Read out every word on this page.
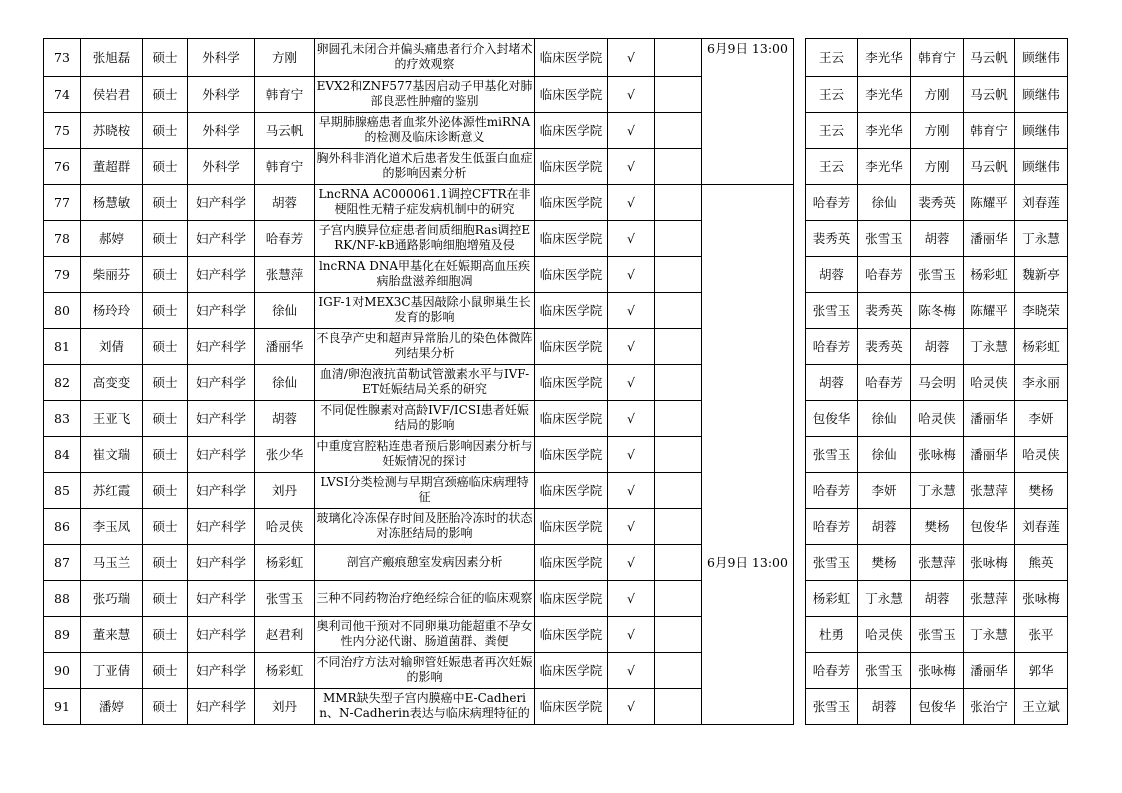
73	张旭磊	硕士	外科学	方刚	卵圆孔未闭合并偏头痛患者行介入封堵术的疗效观察	临床医学院	√		6月9日 13:00		王云	李光华	韩育宁	马云帆	顾继伟
74	侯岩君	硕士	外科学	韩育宁	EVX2和ZNF577基因启动子甲基化对肺部良恶性肿瘤的鉴别	临床医学院	√				王云	李光华	方刚	马云帆	顾继伟
75	苏晓桉	硕士	外科学	马云帆	早期肺腺癌患者血浆外泌体源性miRNA的检测及临床诊断意义	临床医学院	√				王云	李光华	方刚	韩育宁	顾继伟
76	董超群	硕士	外科学	韩育宁	胸外科非消化道术后患者发生低蛋白血症的影响因素分析	临床医学院	√				王云	李光华	方刚	马云帆	顾继伟
77	杨慧敏	硕士	妇产科学	胡蓉	LncRNA AC000061.1调控CFTR在非梗阻性无精子症发病机制中的研究	临床医学院	√				哈春芳	徐仙	裴秀英	陈耀平	刘春莲
78	郝婷	硕士	妇产科学	哈春芳	子宫内膜异位症患者间质细胞Ras调控ERK/NF-kB通路影响细胞增殖及侵	临床医学院	√				裴秀英	张雪玉	胡蓉	潘丽华	丁永慧
79	柴丽芬	硕士	妇产科学	张慧萍	lncRNA DNA甲基化在妊娠期高血压疾病胎盘滋养细胞凋	临床医学院	√				胡蓉	哈春芳	张雪玉	杨彩虹	魏新亭
80	杨玲玲	硕士	妇产科学	徐仙	IGF-1对MEX3C基因敲除小鼠卵巢生长发育的影响	临床医学院	√				张雪玉	裴秀英	陈冬梅	陈耀平	李晓荣
81	刘倩	硕士	妇产科学	潘丽华	不良孕产史和超声异常胎儿的染色体微阵列结果分析	临床医学院	√				哈春芳	裴秀英	胡蓉	丁永慧	杨彩虹
82	高变变	硕士	妇产科学	徐仙	血清/卵泡液抗苗勒试管激素水平与IVF-ET妊娠结局关系的研究	临床医学院	√				胡蓉	哈春芳	马会明	哈灵侠	李永丽
83	王亚飞	硕士	妇产科学	胡蓉	不同促性腺素对高龄IVF/ICSI患者妊娠结局的影响	临床医学院	√				包俊华	徐仙	哈灵侠	潘丽华	李妍
84	崔文瑞	硕士	妇产科学	张少华	中重度宫腔粘连患者预后影响因素分析与妊娠情况的探讨	临床医学院	√				张雪玉	徐仙	张咏梅	潘丽华	哈灵侠
85	苏红霞	硕士	妇产科学	刘丹	LVSI分类检测与早期宫颈癌临床病理特征	临床医学院	√				哈春芳	李妍	丁永慧	张慧萍	樊杨
86	李玉凤	硕士	妇产科学	哈灵侠	玻璃化冷冻保存时间及胚胎冷冻时的状态对冻胚结局的影响	临床医学院	√				哈春芳	胡蓉	樊杨	包俊华	刘春莲
87	马玉兰	硕士	妇产科学	杨彩虹	剖宫产瘢痕憩室发病因素分析	临床医学院	√		6月9日 13:00		张雪玉	樊杨	张慧萍	张咏梅	熊英
88	张巧瑞	硕士	妇产科学	张雪玉	三种不同药物治疗绝经综合征的临床观察	临床医学院	√				杨彩虹	丁永慧	胡蓉	张慧萍	张咏梅
89	董来慧	硕士	妇产科学	赵君利	奥利司他干预对不同卵巢功能超重不孕女性内分泌代谢、肠道菌群、粪便	临床医学院	√				杜勇	哈灵侠	张雪玉	丁永慧	张平
90	丁亚倩	硕士	妇产科学	杨彩虹	不同治疗方法对输卵管妊娠患者再次妊娠的影响	临床医学院	√				哈春芳	张雪玉	张咏梅	潘丽华	郭华
91	潘婷	硕士	妇产科学	刘丹	MMR缺失型子宫内膜癌中E-Cadherin、N-Cadherin表达与临床病理特征的	临床医学院	√				张雪玉	胡蓉	包俊华	张治宁	王立斌
